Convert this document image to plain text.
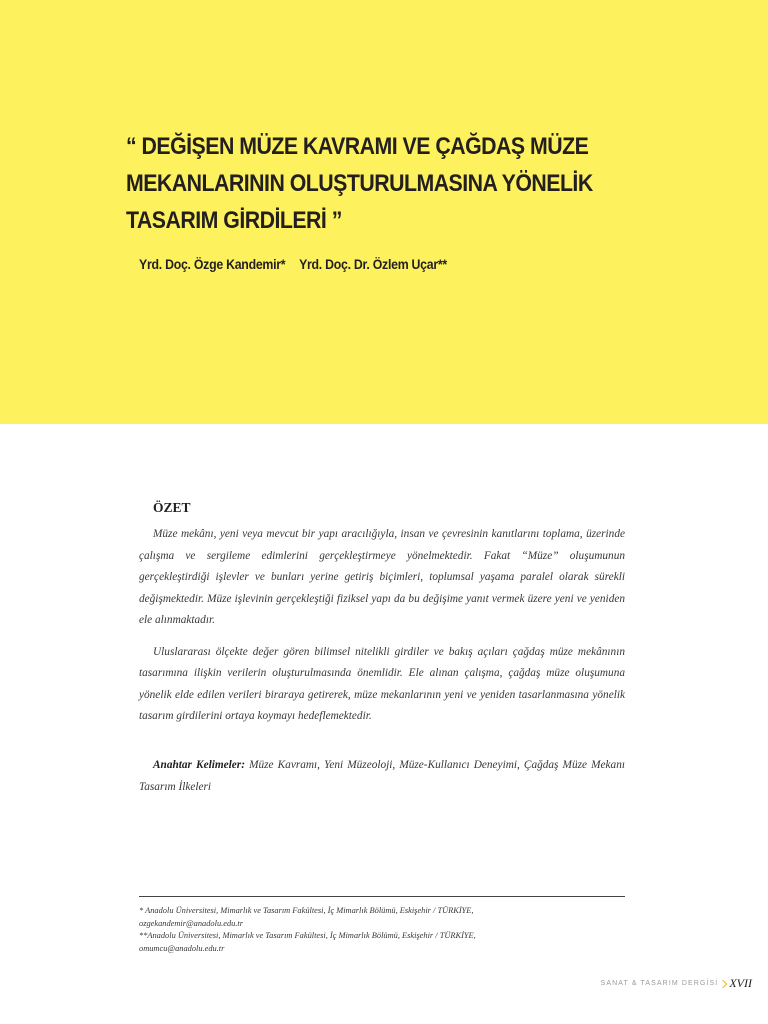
“ DEĞİŞEN MÜZE KAVRAMI VE ÇAĞDAŞ MÜZE
MEKANLARININ OLUŞTURULMASINA YÖNELİK
TASARIM GİRDİLERİ ”
Yrd. Doç. Özge Kandemir* Yrd. Doç. Dr. Özlem Uçar**
ÖZET

Müze mekânı, yeni veya mevcut bir yapı aracılığıyla, insan ve çevresinin kanıtlarını toplama, üzerinde çalışma ve sergileme edimlerini gerçekleştirmeye yönelmektedir. Fakat “Müze” oluşumunun gerçekleştirdiği işlevler ve bunları yerine getiriş biçimleri, toplumsal yaşama paralel olarak sürekli değişmektedir. Müze işlevinin gerçekleştiği fiziksel yapı da bu değişime yanıt vermek üzere yeni ve yeniden ele alınmaktadır.

Uluslararası ölçekte değer gören bilimsel nitelikli girdiler ve bakış açıları çağdaş müze mekânının tasarımına ilişkin verilerin oluşturulmasında önemlidir. Ele alınan çalışma, çağdaş müze oluşumuna yönelik elde edilen verileri biraraya getirerek, müze mekanlarının yeni ve yeniden tasarlanmasına yönelik tasarım girdilerini ortaya koymayı hedeflemektedir.

Anahtar Kelimeler: Müze Kavramı, Yeni Müzeoloji, Müze-Kullanıcı Deneyimi, Çağdaş Müze Mekanı Tasarım İlkeleri
* Anadolu Üniversitesi, Mimarlık ve Tasarım Fakültesi, İç Mimarlık Bölümü, Eskişehir / TÜRKİYE,
ozgekandemir@anadolu.edu.tr
**Anadolu Üniversitesi, Mimarlık ve Tasarım Fakültesi, İç Mimarlık Bölümü, Eskişehir / TÜRKİYE,
omumcu@anadolu.edu.tr
SANAT & TASARIM DERGİSİ XVII
